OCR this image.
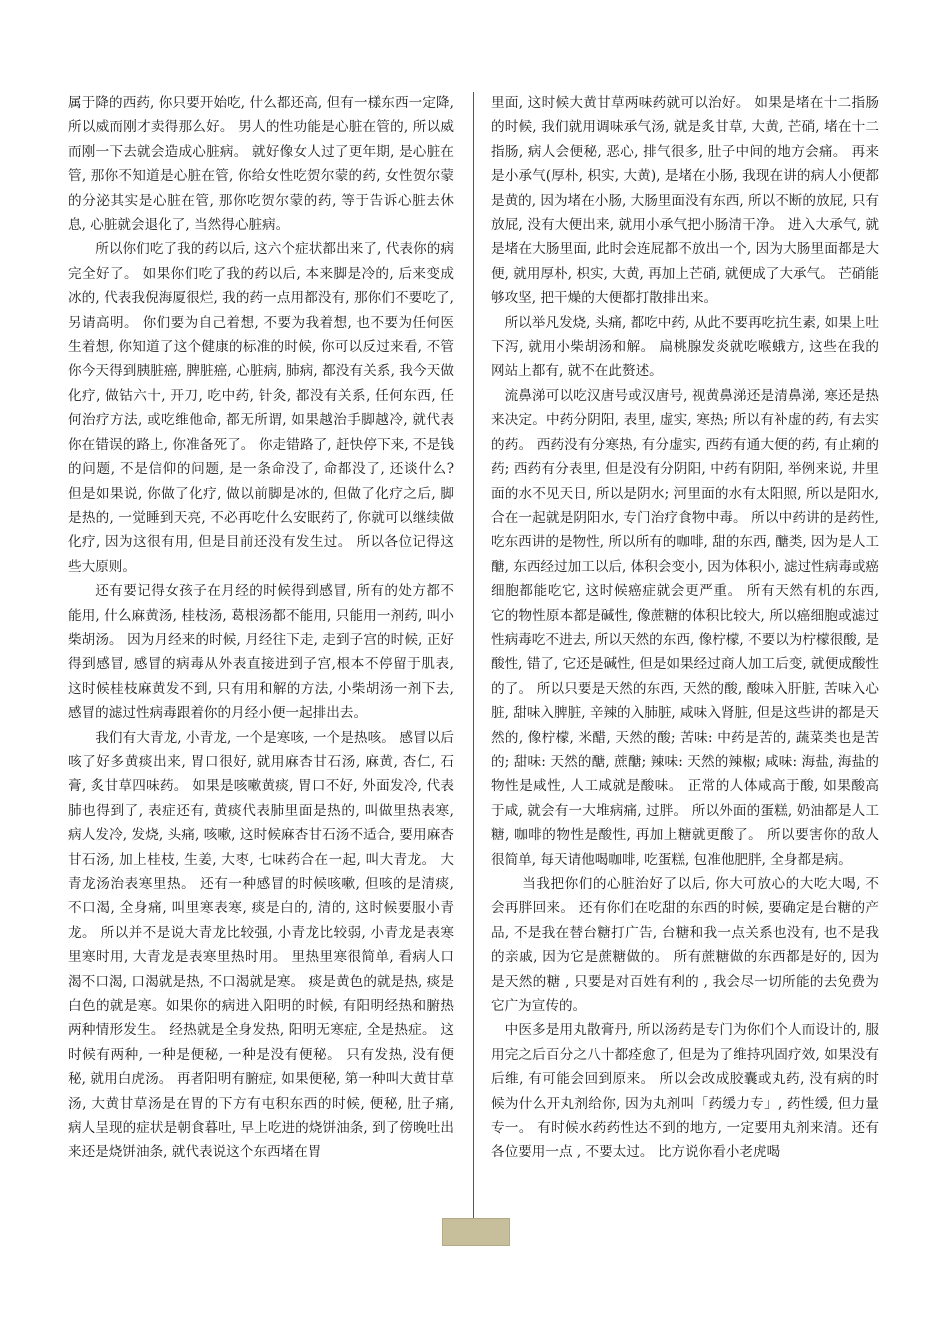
属于降的西药, 你只要开始吃, 什么都还高, 但有一樣东西一定降, 所以威而刚才卖得那么好。 男人的性功能是心脏在管的, 所以威而刚一下去就会造成心脏病。 就好像女人过了更年期, 是心脏在管, 那你不知道是心脏在管, 你给女性吃贺尔蒙的药, 女性贺尔蒙的分泌其实是心脏在管, 那你吃贺尔蒙的药, 等于告诉心脏去休息, 心脏就会退化了, 当然得心脏病。

所以你们吃了我的药以后, 这六个症状都出来了, 代表你的病完全好了。 如果你们吃了我的药以后, 本来脚是冷的, 后来变成冰的, 代表我倪海厦很烂, 我的药一点用都没有, 那你们不要吃了, 另请高明。 你们要为自己着想, 不要为我着想, 也不要为任何医生着想, 你知道了这个健康的标准的时候, 你可以反过来看, 不管你今天得到胰脏癌, 脾脏癌, 心脏病, 肺病, 都没有关系, 我今天做化疗, 做钴六十, 开刀, 吃中药, 针灸, 都没有关系, 任何东西, 任何治疗方法, 或吃维他命, 都无所谓, 如果越治手脚越冷, 就代表你在错误的路上, 你准备死了。 你走错路了, 赶快停下来, 不是钱的问题, 不是信仰的问题, 是一条命没了, 命都没了, 还谈什么? 但是如果说, 你做了化疗, 做以前脚是冰的, 但做了化疗之后, 脚是热的, 一觉睡到天亮, 不必再吃什么安眠药了, 你就可以继续做化疗, 因为这很有用, 但是目前还没有发生过。 所以各位记得这些大原则。

还有要记得女孩子在月经的时候得到感冒, 所有的处方都不能用, 什么麻黄汤, 桂枝汤, 葛根汤都不能用, 只能用一剂药, 叫小柴胡汤。 因为月经来的时候, 月经往下走, 走到子宫的时候, 正好得到感冒, 感冒的病毒从外表直接进到子宫,根本不停留于肌表, 这时候桂枝麻黄发不到, 只有用和解的方法, 小柴胡汤一剂下去, 感冒的滤过性病毒跟着你的月经小便一起排出去。

我们有大青龙, 小青龙, 一个是寒咳, 一个是热咳。 感冒以后咳了好多黄痰出来, 胃口很好, 就用麻杏甘石汤, 麻黄, 杏仁, 石膏, 炙甘草四味药。 如果是咳嗽黄痰, 胃口不好, 外面发冷, 代表肺也得到了, 表症还有, 黄痰代表肺里面是热的, 叫做里热表寒, 病人发冷, 发烧, 头痛, 咳嗽, 这时候麻杏甘石汤不适合, 要用麻杏甘石汤, 加上桂枝, 生姜, 大枣, 七味药合在一起, 叫大青龙。 大青龙汤治表寒里热。 还有一种感冒的时候咳嗽, 但咳的是清痰, 不口渴, 全身痛, 叫里寒表寒, 痰是白的, 清的, 这时候要服小青龙。 所以并不是说大青龙比较强, 小青龙比较弱, 小青龙是表寒里寒时用, 大青龙是表寒里热时用。 里热里寒很简单, 看病人口渴不口渴, 口渴就是热, 不口渴就是寒。 痰是黄色的就是热, 痰是白色的就是寒。如果你的病进入阳明的时候, 有阳明经热和腑热两种情形发生。 经热就是全身发热, 阳明无寒症, 全是热症。 这时候有两种, 一种是便秘, 一种是没有便秘。 只有发热, 没有便秘, 就用白虎汤。 再者阳明有腑症, 如果便秘, 第一种叫大黄甘草汤, 大黄甘草汤是在胃的下方有屯积东西的时候, 便秘, 肚子痛, 病人呈现的症状是朝食暮吐, 早上吃进的烧饼油条, 到了傍晚吐出来还是烧饼油条, 就代表说这个东西堵在胃

里面, 这时候大黄甘草两味药就可以治好。 如果是堵在十二指肠的时候, 我们就用调味承气汤, 就是炙甘草, 大黄, 芒硝, 堵在十二指肠, 病人会便秘, 恶心, 排气很多, 肚子中间的地方会痛。 再来是小承气(厚朴, 枳实, 大黄), 是堵在小肠, 我现在讲的病人小便都是黄的, 因为堵在小肠, 大肠里面没有东西, 所以不断的放屁, 只有放屁, 没有大便出来, 就用小承气把小肠清干净。 进入大承气, 就是堵在大肠里面, 此时会连屁都不放出一个, 因为大肠里面都是大便, 就用厚朴, 枳实, 大黄, 再加上芒硝, 就便成了大承气。 芒硝能够攻坚, 把干燥的大便都打散排出来。

所以举凡发烧, 头痛, 都吃中药, 从此不要再吃抗生素, 如果上吐下泻, 就用小柴胡汤和解。 扁桃腺发炎就吃喉蛾方, 这些在我的网站上都有, 就不在此赘述。

流鼻涕可以吃汉唐号或汉唐号, 视黄鼻涕还是清鼻涕, 寒还是热来决定。中药分阴阳, 表里, 虚实, 寒热; 所以有补虚的药, 有去实的药。 西药没有分寒热, 有分虚实, 西药有通大便的药, 有止痢的药; 西药有分表里, 但是没有分阴阳, 中药有阴阳, 举例来说, 井里面的水不见天日, 所以是阴水; 河里面的水有太阳照, 所以是阳水, 合在一起就是阴阳水, 专门治疗食物中毒。 所以中药讲的是药性, 吃东西讲的是物性, 所以所有的咖啡, 甜的东西, 醣类, 因为是人工醣, 东西经过加工以后, 体积会变小, 因为体积小, 滤过性病毒或癌细胞都能吃它, 这时候癌症就会更严重。 所有天然有机的东西, 它的物性原本都是碱性, 像蔗糖的体积比较大, 所以癌细胞或滤过性病毒吃不进去, 所以天然的东西, 像柠檬, 不要以为柠檬很酸, 是酸性, 错了, 它还是碱性, 但是如果经过商人加工后变, 就便成酸性的了。 所以只要是天然的东西, 天然的酸, 酸味入肝脏, 苦味入心脏, 甜味入脾脏, 辛辣的入肺脏, 咸味入肾脏, 但是这些讲的都是天然的, 像柠檬, 米醋, 天然的酸; 苦味: 中药是苦的, 蔬菜类也是苦的; 甜味: 天然的醣, 蔗醣; 辣味: 天然的辣椒; 咸味: 海盐, 海盐的物性是咸性, 人工咸就是酸味。 正常的人体咸高于酸, 如果酸高于咸, 就会有一大堆病痛, 过胖。 所以外面的蛋糕, 奶油都是人工糖, 咖啡的物性是酸性, 再加上糖就更酸了。 所以要害你的敌人很简单, 每天请他喝咖啡, 吃蛋糕, 包准他肥胖, 全身都是病。

当我把你们的心脏治好了以后, 你大可放心的大吃大喝, 不会再胖回来。 还有你们在吃甜的东西的时候, 要确定是台糖的产品, 不是我在替台糖打广告, 台糖和我一点关系也没有, 也不是我的亲戚, 因为它是蔗糖做的。 所有蔗糖做的东西都是好的, 因为是天然的糖 , 只要是对百姓有利的 , 我会尽一切所能的去免费为它广为宣传的。

中医多是用丸散膏丹, 所以汤药是专门为你们个人而设计的, 服用完之后百分之八十都痊愈了, 但是为了维持巩固疗效, 如果没有后维, 有可能会回到原来。 所以会改成胶囊或丸药, 没有病的时候为什么开丸剂给你, 因为丸剂叫「药缓力专」, 药性缓, 但力量专一。 有时候水药药性达不到的地方, 一定要用丸剂来清。还有各位要用一点 , 不要太过。 比方说你看小老虎喝
